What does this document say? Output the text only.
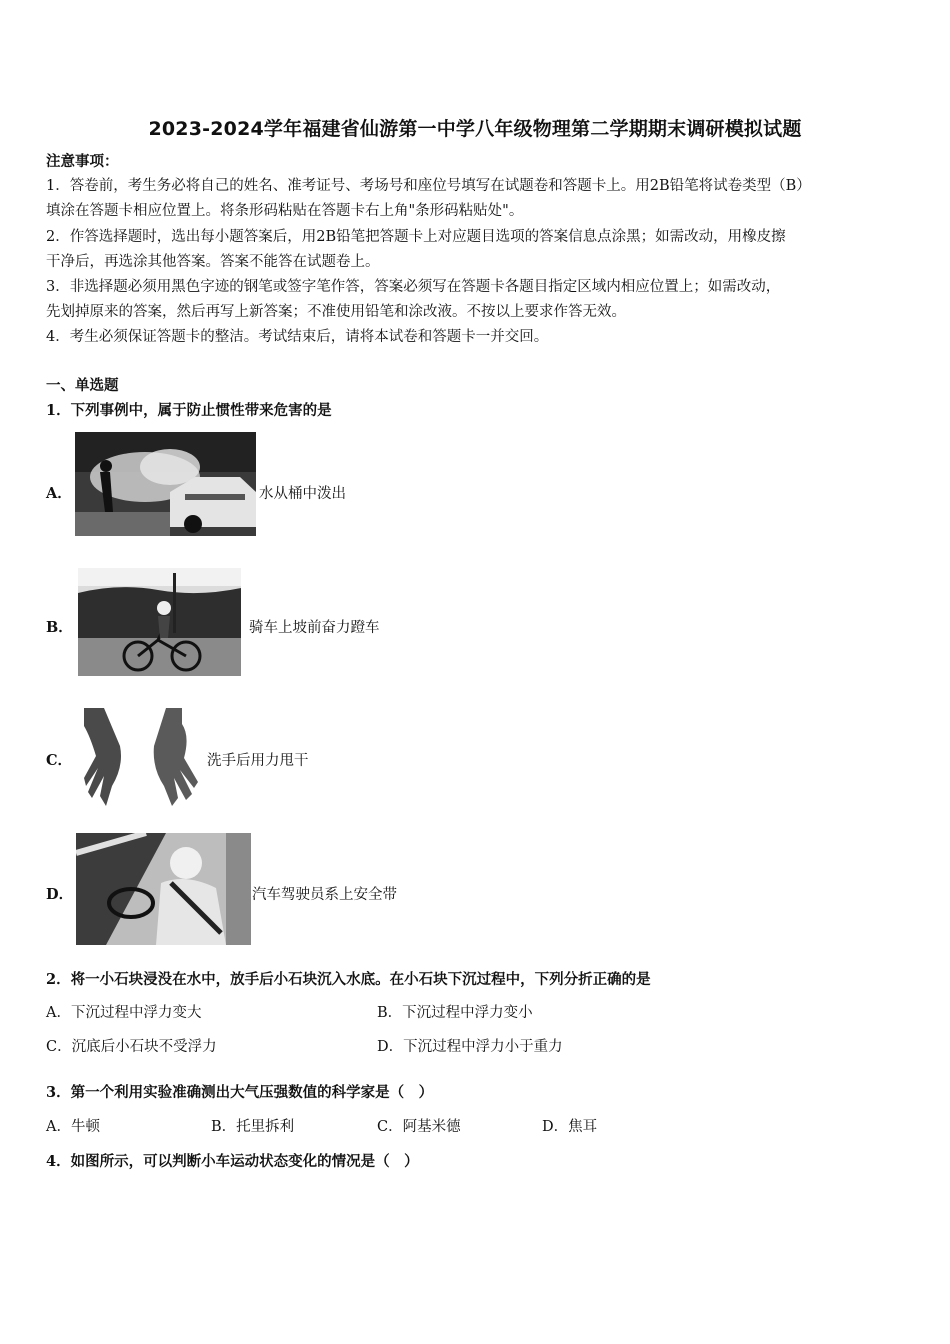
2023-2024学年福建省仙游第一中学八年级物理第二学期期末调研模拟试题
注意事项：
1．答卷前，考生务必将自己的姓名、准考证号、考场号和座位号填写在试题卷和答题卡上。用2B铅笔将试卷类型（B）
填涂在答题卡相应位置上。将条形码粘贴在答题卡右上角"条形码粘贴处"。
2．作答选择题时，选出每小题答案后，用2B铅笔把答题卡上对应题目选项的答案信息点涂黑；如需改动，用橡皮擦
干净后，再选涂其他答案。答案不能答在试题卷上。
3．非选择题必须用黑色字迹的钢笔或签字笔作答，答案必须写在答题卡各题目指定区域内相应位置上；如需改动，
先划掉原来的答案，然后再写上新答案；不准使用铅笔和涂改液。不按以上要求作答无效。
4．考生必须保证答题卡的整洁。考试结束后，请将本试卷和答题卡一并交回。
一、单选题
1．下列事例中，属于防止惯性带来危害的是
A．	水从桶中泼出
B．	骑车上坡前奋力蹬车
C．	洗手后用力甩干
D．	汽车驾驶员系上安全带
2．将一小石块浸没在水中，放手后小石块沉入水底。在小石块下沉过程中，下列分折正确的是
A．下沉过程中浮力变大	B．下沉过程中浮力变小
C．沉底后小石块不受浮力	D．下沉过程中浮力小于重力
3．第一个利用实验准确测出大气压强数值的科学家是（　）
A．牛顿	B．托里拆利	C．阿基米德	D．焦耳
4．如图所示，可以判断小车运动状态变化的情况是（　）
